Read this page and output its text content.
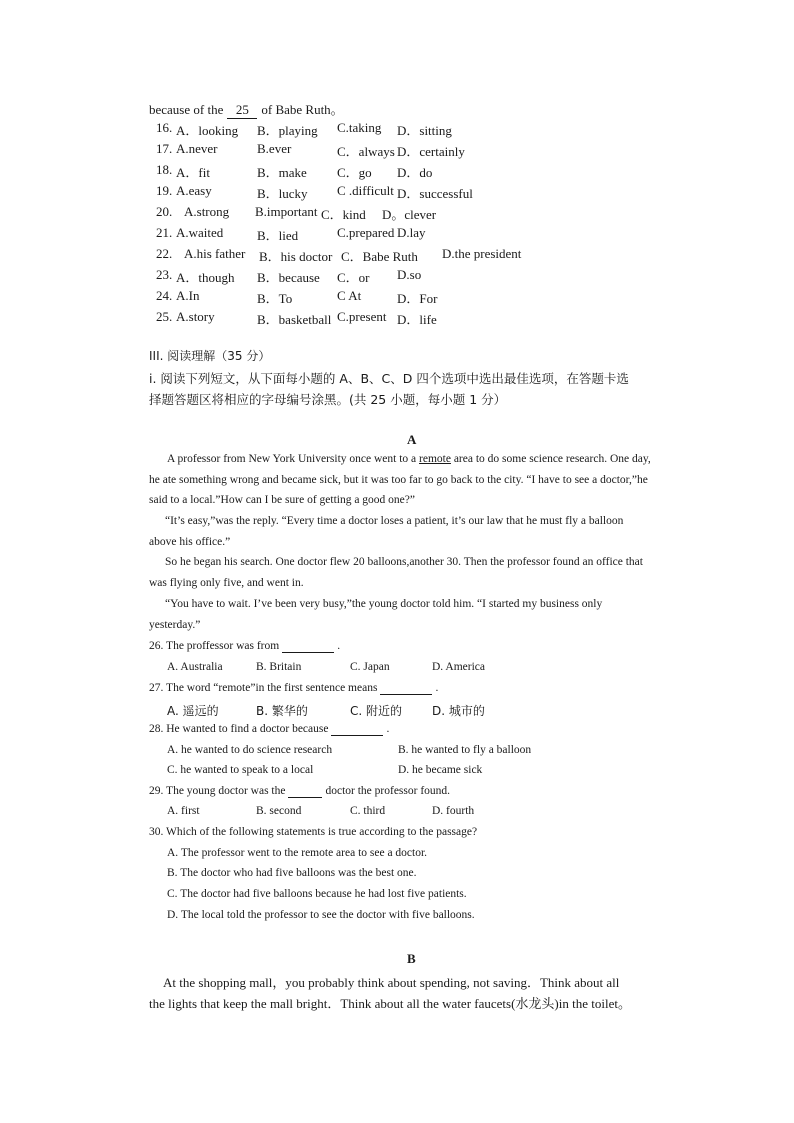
because of the 25 of Babe Ruth。
16. A．looking B．playing C.taking D．sitting
17. A.never	B.ever	C．always D．certainly
18. A．fit	B．make C．go D．do
19. A.easy	B．lucky C .difficult D．successful
20. A.strong B.important C．kind D。clever
21. A.waited	B．lied	C.prepared D.lay
22. A.his father B．his doctor C．Babe Ruth D.the president
23. A．though B．because C．or D.so
24. A.In	B．To	C At	D．For
25. A.story	B．basketball C.present D．life
III. 阅读理解（35 分）
i. 阅读下列短文，从下面每小题的 A、B、C、D 四个选项中选出最佳选项，在答题卡选
择题答题区将相应的字母编号涂黑。(共 25 小题，每小题 1 分）
A
A professor from New York University once went to a remote area to do some science research. One day,
he ate something wrong and became sick, but it was too far to go back to the city. “I have to see a doctor,”he
said to a local.”How can I be sure of getting a good one?”
“It’s easy,”was the reply. “Every time a doctor loses a patient, it’s our law that he must fly a balloon
above his office.”
So he began his search. One doctor flew 20 balloons,another 30. Then the professor found an office that
was flying only five, and went in.
“You have to wait. I’ve been very busy,”the young doctor told him. “I started my business only
yesterday.”
26. The proffessor was from	.
A. Australia	B. Britain	C. Japan	D. America
27. The word “remote”in the first sentence means	.
A. 遥远的	B. 繁华的	C. 附近的 D. 城市的
28. He wanted to find a doctor because	.
A. he wanted to do science research	B. he wanted to fly a balloon
C. he wanted to speak to a local	D. he became sick
29. The young doctor was the	doctor the professor found.
A. first	B. second	C. third	D. fourth
30. Which of the following statements is true according to the passage?
A. The professor went to the remote area to see a doctor.
B. The doctor who had five balloons was the best one.
C. The doctor had five balloons because he had lost five patients.
D. The local told the professor to see the doctor with five balloons.
B
At the shopping mall，you probably think about spending, not saving．Think about all
the lights that keep the mall bright．Think about all the water faucets(水龙头)in the toilet。
